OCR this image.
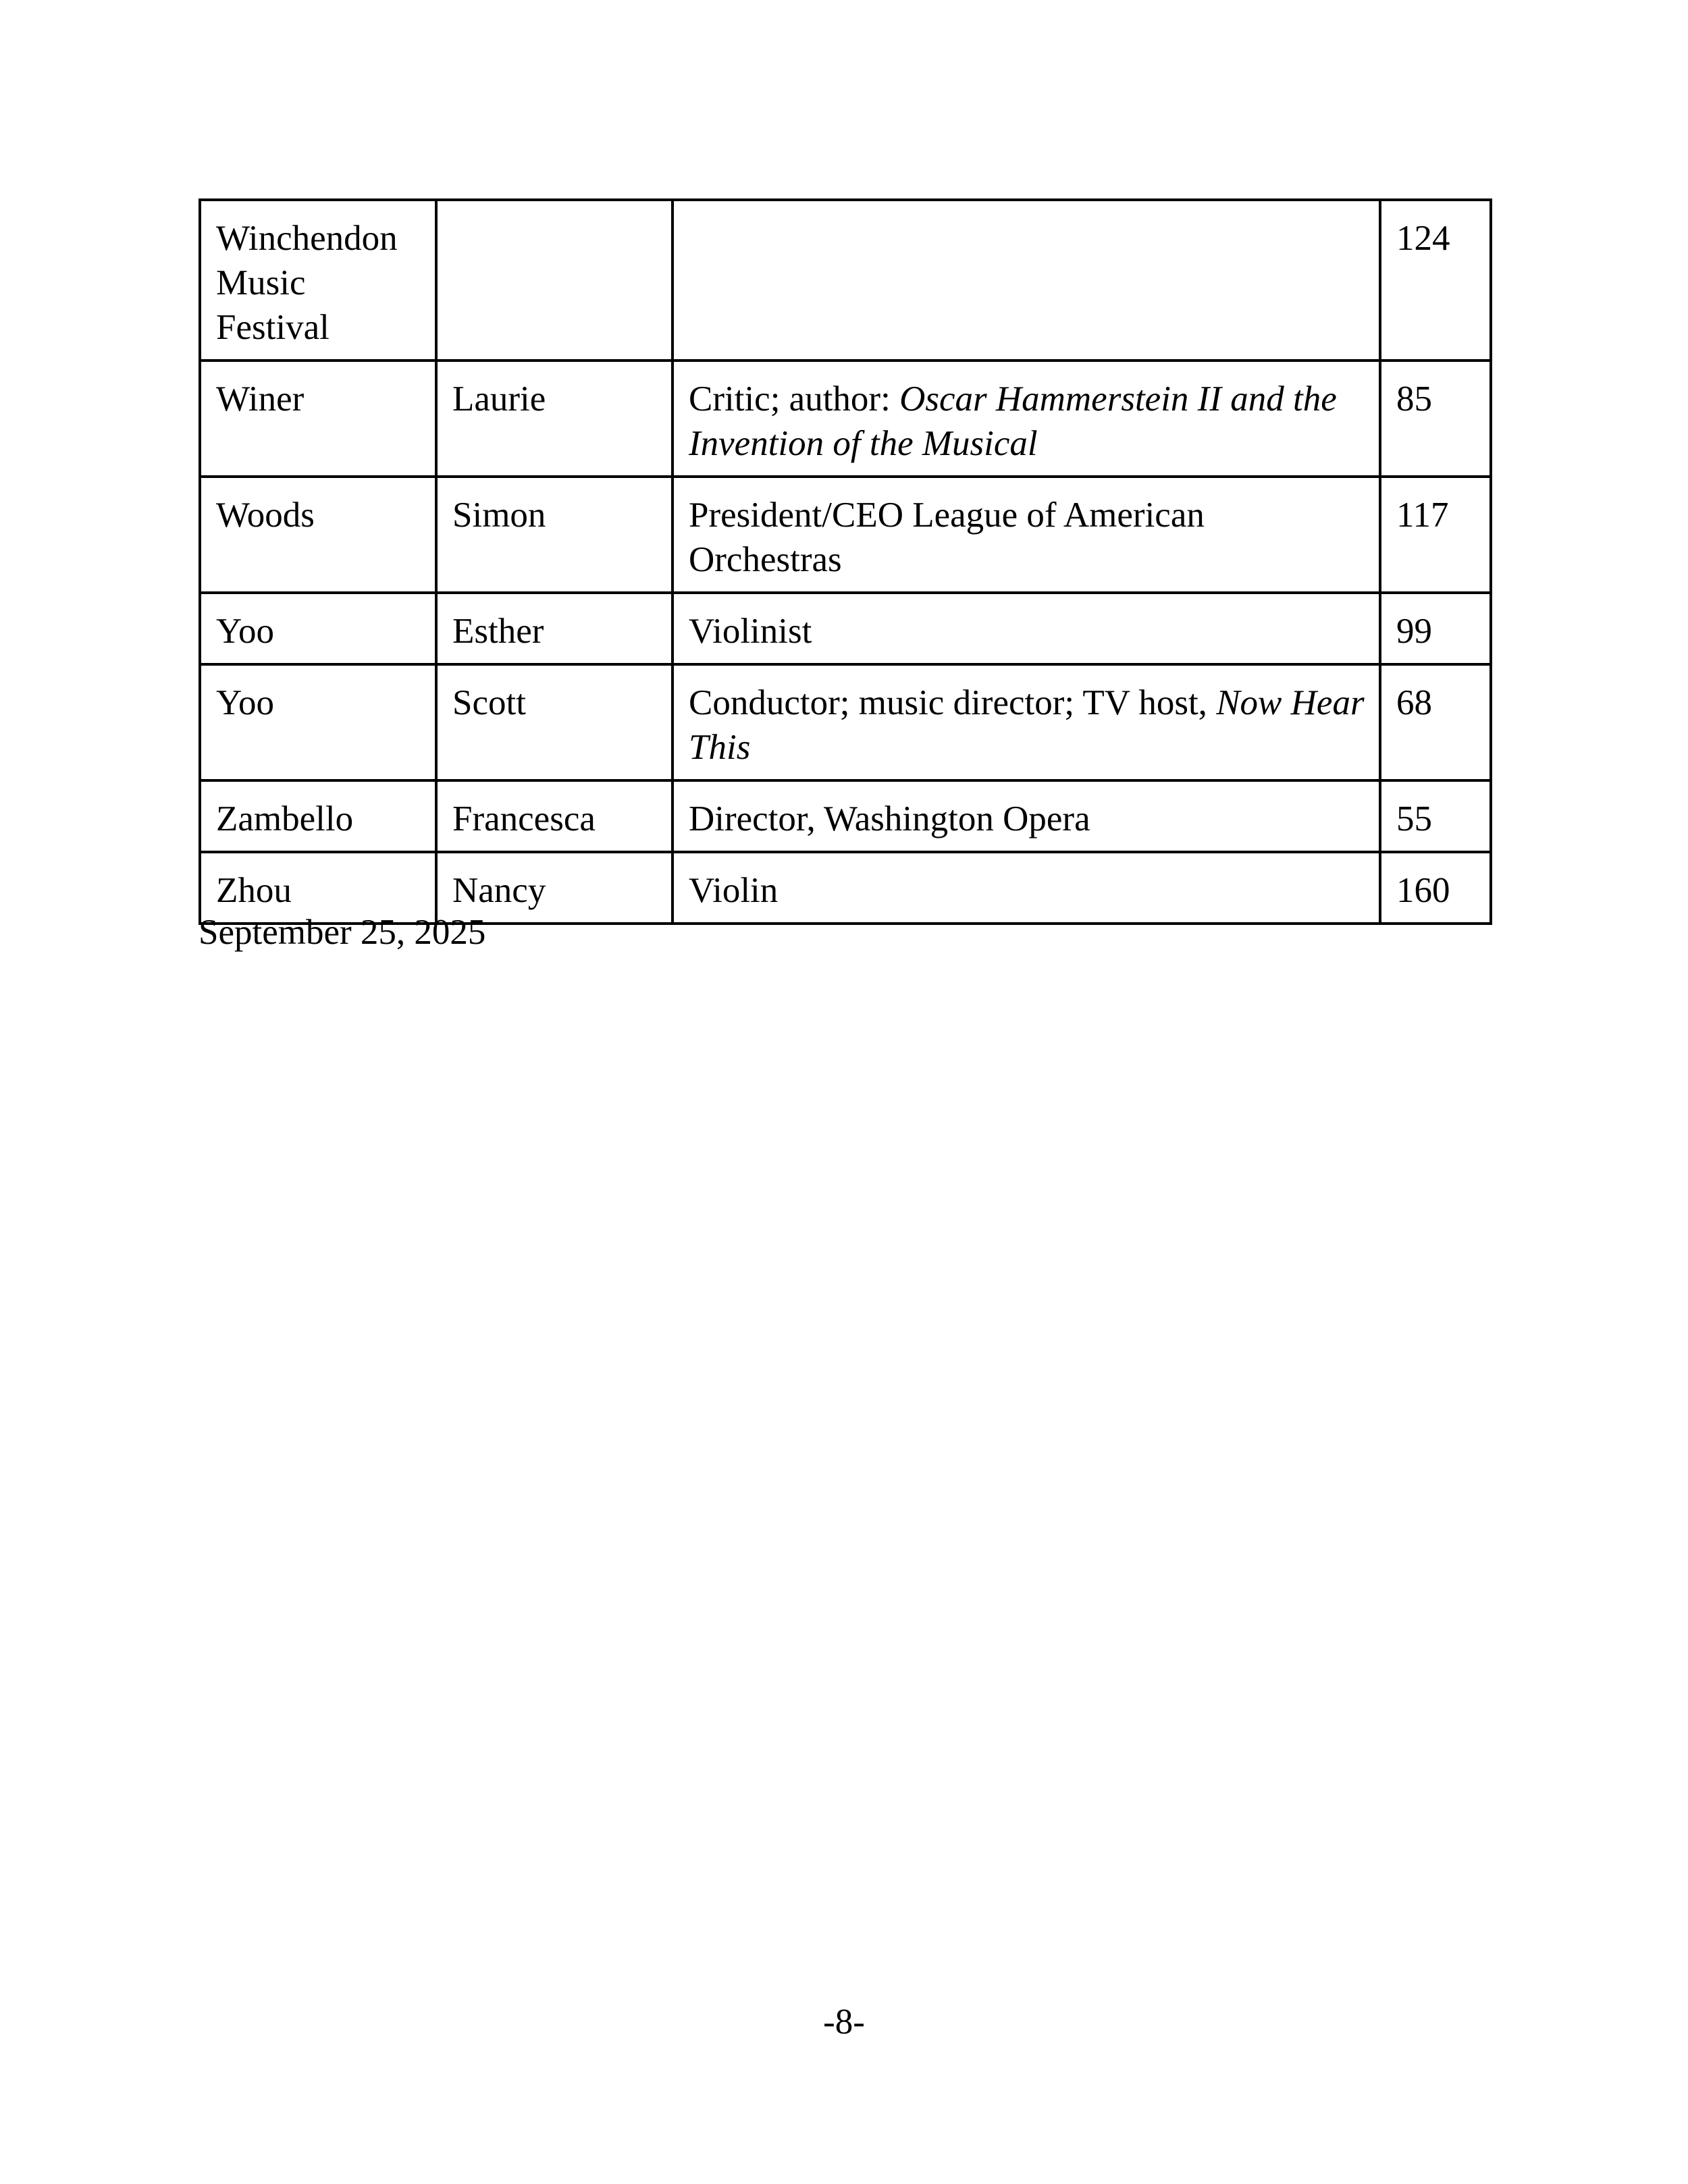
Winchendon Music Festival			124
Winer	Laurie	Critic; author: Oscar Hammerstein II and the Invention of the Musical	85
Woods	Simon	President/CEO League of American Orchestras	117
Yoo	Esther	Violinist	99
Yoo	Scott	Conductor; music director; TV host, Now Hear This	68
Zambello	Francesca	Director, Washington Opera	55
Zhou	Nancy	Violin	160
September 25, 2025
-8-
